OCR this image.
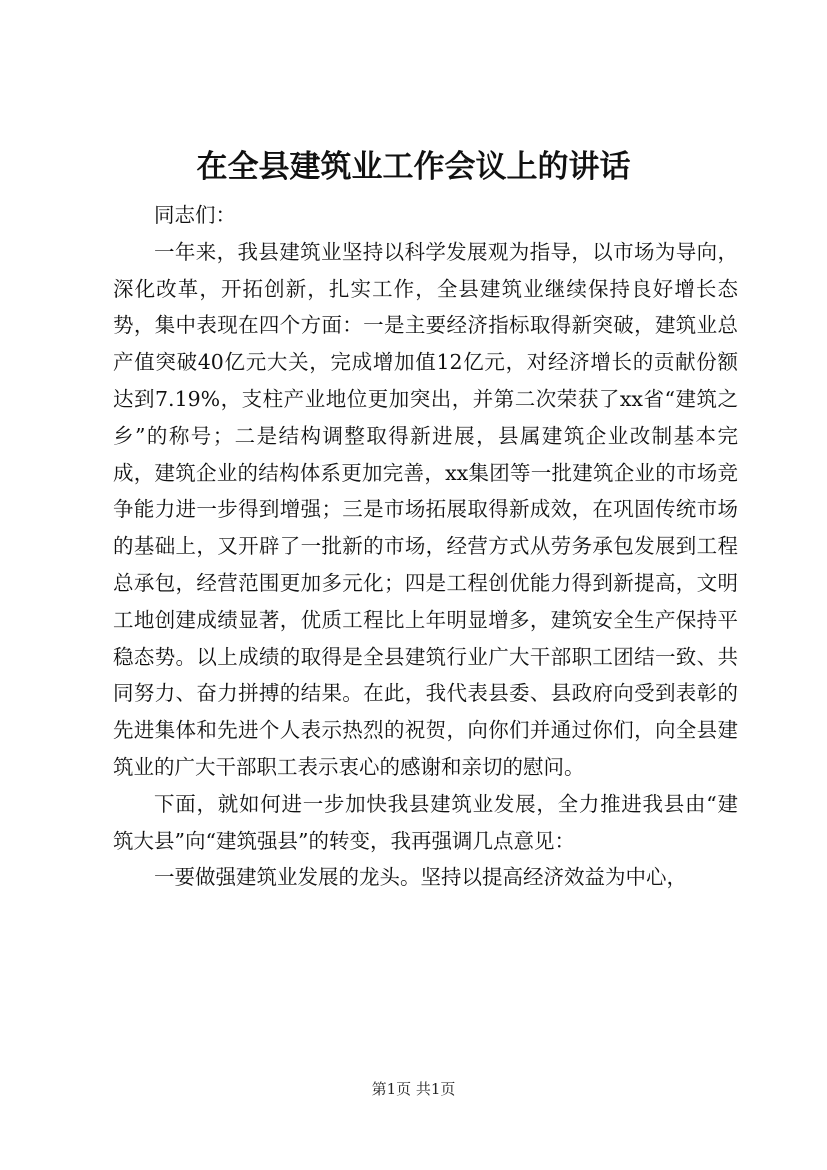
在全县建筑业工作会议上的讲话

同志们：

一年来，我县建筑业坚持以科学发展观为指导，以市场为导向，深化改革，开拓创新，扎实工作，全县建筑业继续保持良好增长态势，集中表现在四个方面：一是主要经济指标取得新突破，建筑业总产值突破40亿元大关，完成增加值12亿元，对经济增长的贡献份额达到7.19%，支柱产业地位更加突出，并第二次荣获了xx省“建筑之乡”的称号；二是结构调整取得新进展，县属建筑企业改制基本完成，建筑企业的结构体系更加完善，xx集团等一批建筑企业的市场竞争能力进一步得到增强；三是市场拓展取得新成效，在巩固传统市场的基础上，又开辟了一批新的市场，经营方式从劳务承包发展到工程总承包，经营范围更加多元化；四是工程创优能力得到新提高，文明工地创建成绩显著，优质工程比上年明显增多，建筑安全生产保持平稳态势。以上成绩的取得是全县建筑行业广大干部职工团结一致、共同努力、奋力拼搏的结果。在此，我代表县委、县政府向受到表彰的先进集体和先进个人表示热烈的祝贺，向你们并通过你们，向全县建筑业的广大干部职工表示衷心的感谢和亲切的慰问。

下面，就如何进一步加快我县建筑业发展，全力推进我县由“建筑大县”向“建筑强县”的转变，我再强调几点意见：

一要做强建筑业发展的龙头。坚持以提高经济效益为中心，

第1页 共1页
